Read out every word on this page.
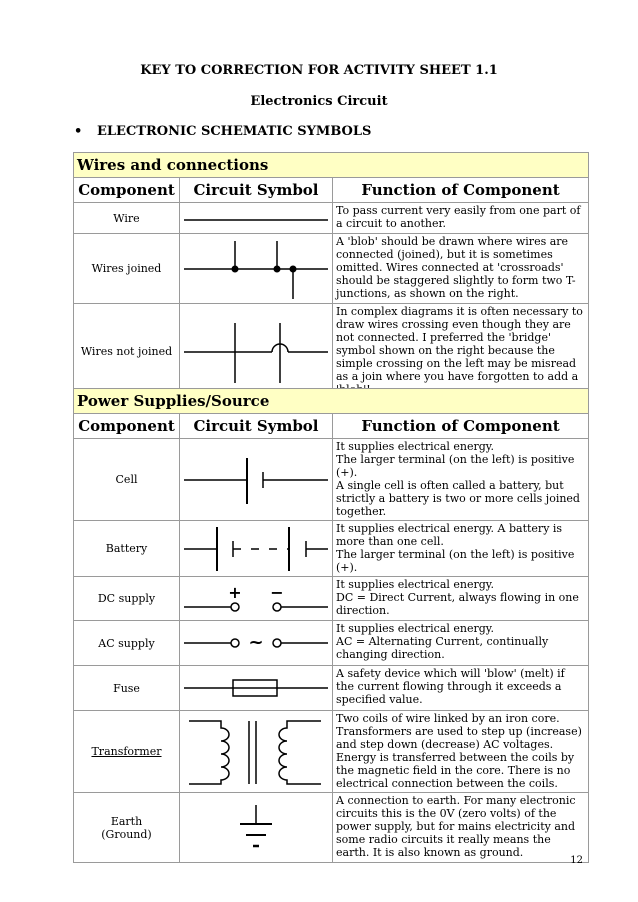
KEY TO CORRECTION FOR ACTIVITY SHEET 1.1
Electronics Circuit
• ELECTRONIC SCHEMATIC SYMBOLS
Wires and connections		
Component	Circuit Symbol	Function of Component
Wire		To pass current very easily from one part of a circuit to another.
Wires joined		A 'blob' should be drawn where wires are connected (joined), but it is sometimes omitted. Wires connected at 'crossroads' should be staggered slightly to form two T-junctions, as shown on the right.
Wires not joined		In complex diagrams it is often necessary to draw wires crossing even though they are not connected. I preferred the 'bridge' symbol shown on the right because the simple crossing on the left may be misread as a join where you have forgotten to add a
Power Supplies/Source		
Component	Circuit Symbol	Function of Component
Cell		It supplies electrical energy.
The larger terminal (on the left) is positive (+).
A single cell is often called a battery, but strictly a battery is two or more cells joined together.
Battery		It supplies electrical energy. A battery is more than one cell.
The larger terminal (on the left) is positive (+).
DC supply	+ −	It supplies electrical energy.
DC = Direct Current, always flowing in one direction.
AC supply	~	It supplies electrical energy.
AC = Alternating Current, continually changing direction.
Fuse		A safety device which will 'blow' (melt) if the current flowing through it exceeds a specified value.
Transformer		Two coils of wire linked by an iron core. Transformers are used to step up (increase) and step down (decrease) AC voltages. Energy is transferred between the coils by the magnetic field in the core. There is no electrical connection between the coils.
Earth
(Ground)		A connection to earth. For many electronic circuits this is the 0V (zero volts) of the power supply, but for mains electricity and some radio circuits it really means the earth. It is also known as ground.
12
